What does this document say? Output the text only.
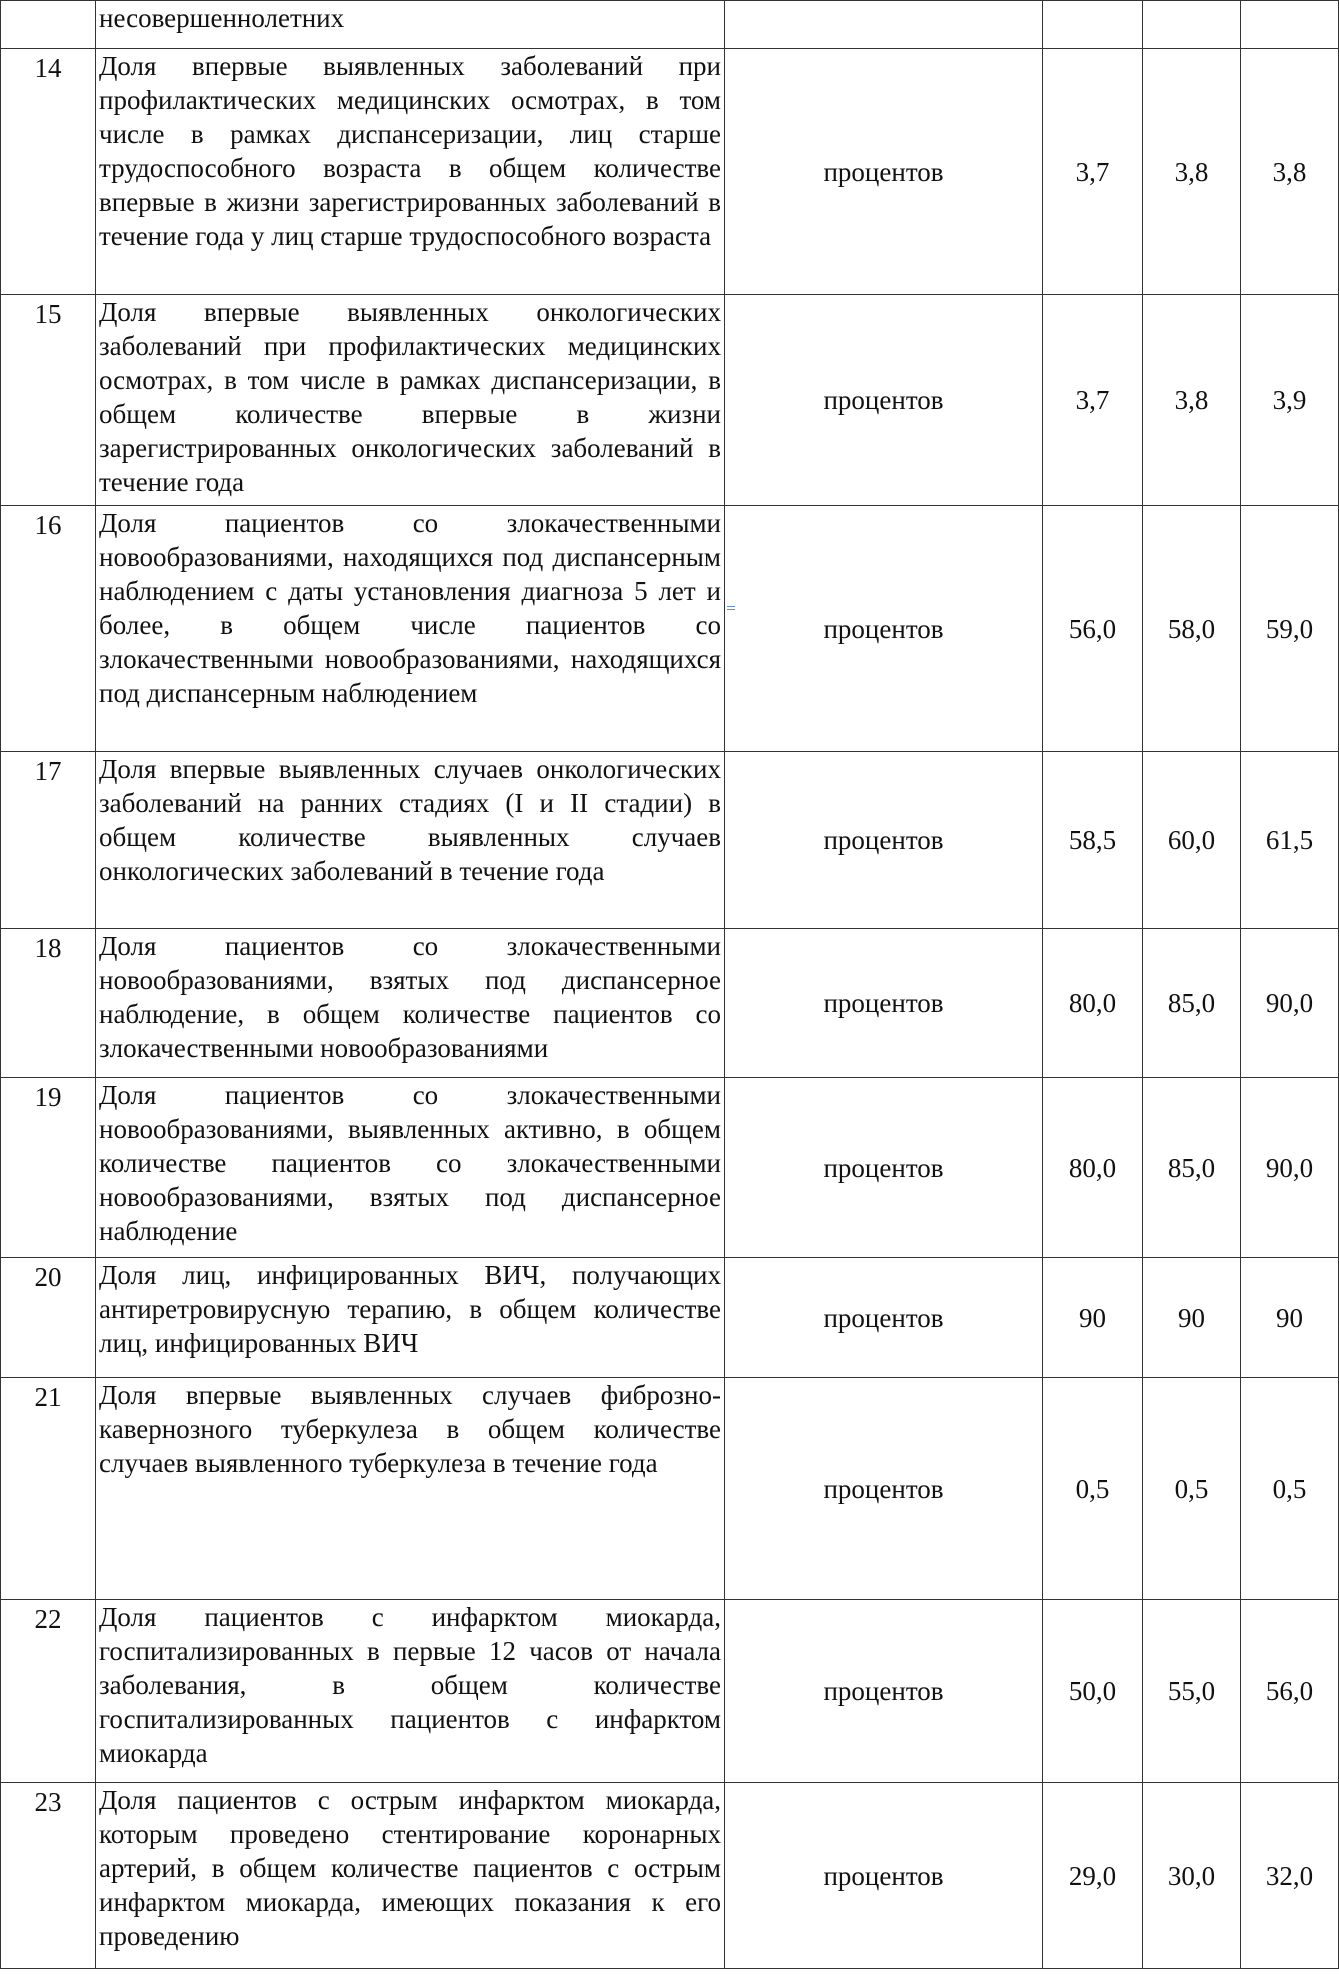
	несовершеннолетних				
14	Доля впервые выявленных заболеваний при профилактических медицинских осмотрах, в том числе в рамках диспансеризации, лиц старше трудоспособного возраста в общем количестве впервые в жизни зарегистрированных заболеваний в течение года у лиц старше трудоспособного возраста	процентов	3,7	3,8	3,8
15	Доля впервые выявленных онкологических заболеваний при профилактических медицинских осмотрах, в том числе в рамках диспансеризации, в общем количестве впервые в жизни зарегистрированных онкологических заболеваний в течение года	процентов	3,7	3,8	3,9
16	Доля пациентов со злокачественными новообразованиями, находящихся под диспансерным наблюдением с даты установления диагноза 5 лет и более, в общем числе пациентов со злокачественными новообразованиями, находящихся под диспансерным наблюдением	процентов	56,0	58,0	59,0
17	Доля впервые выявленных случаев онкологических заболеваний на ранних стадиях (I и II стадии) в общем количестве выявленных случаев онкологических заболеваний в течение года	процентов	58,5	60,0	61,5
18	Доля пациентов со злокачественными новообразованиями, взятых под диспансерное наблюдение, в общем количестве пациентов со злокачественными новообразованиями	процентов	80,0	85,0	90,0
19	Доля пациентов со злокачественными новообразованиями, выявленных активно, в общем количестве пациентов со злокачественными новообразованиями, взятых под диспансерное наблюдение	процентов	80,0	85,0	90,0
20	Доля лиц, инфицированных ВИЧ, получающих антиретровирусную терапию, в общем количестве лиц, инфицированных ВИЧ	процентов	90	90	90
21	Доля впервые выявленных случаев фиброзно-кавернозного туберкулеза в общем количестве случаев выявленного туберкулеза в течение года	процентов	0,5	0,5	0,5
22	Доля пациентов с инфарктом миокарда, госпитализированных в первые 12 часов от начала заболевания, в общем количестве госпитализированных пациентов с инфарктом миокарда	процентов	50,0	55,0	56,0
23	Доля пациентов с острым инфарктом миокарда, которым проведено стентирование коронарных артерий, в общем количестве пациентов с острым инфарктом миокарда, имеющих показания к его проведению	процентов	29,0	30,0	32,0
